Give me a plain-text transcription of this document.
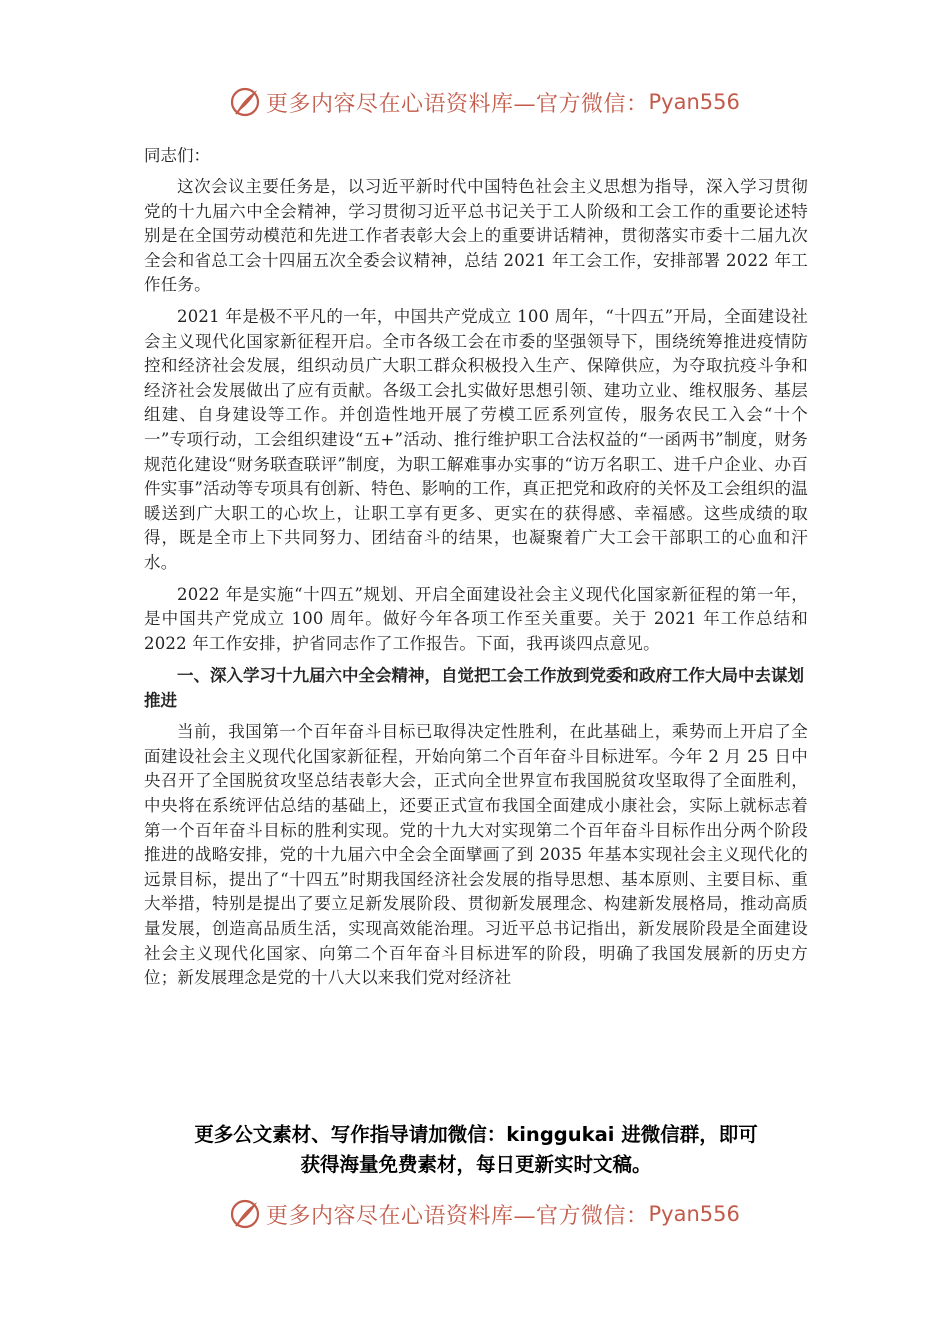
更多内容尽在心语资料库—官方微信： Pyan556

同志们：

这次会议主要任务是，以习近平新时代中国特色社会主义思想为指导，深入学习贯彻党的十九届六中全会精神，学习贯彻习近平总书记关于工人阶级和工会工作的重要论述特别是在全国劳动模范和先进工作者表彰大会上的重要讲话精神，贯彻落实市委十二届九次全会和省总工会十四届五次全委会议精神，总结 2021 年工会工作，安排部署 2022 年工作任务。

2021 年是极不平凡的一年，中国共产党成立 100 周年，“十四五”开局，全面建设社会主义现代化国家新征程开启。全市各级工会在市委的坚强领导下，围绕统筹推进疫情防控和经济社会发展，组织动员广大职工群众积极投入生产、保障供应，为夺取抗疫斗争和经济社会发展做出了应有贡献。各级工会扎实做好思想引领、建功立业、维权服务、基层组建、自身建设等工作。并创造性地开展了劳模工匠系列宣传，服务农民工入会“十个一”专项行动，工会组织建设“五+”活动、推行维护职工合法权益的“一函两书”制度，财务规范化建设“财务联查联评”制度，为职工解难事办实事的“访万名职工、进千户企业、办百件实事”活动等专项具有创新、特色、影响的工作，真正把党和政府的关怀及工会组织的温暖送到广大职工的心坎上，让职工享有更多、更实在的获得感、幸福感。这些成绩的取得，既是全市上下共同努力、团结奋斗的结果，也凝聚着广大工会干部职工的心血和汗水。

2022 年是实施“十四五”规划、开启全面建设社会主义现代化国家新征程的第一年，是中国共产党成立 100 周年。做好今年各项工作至关重要。关于 2021 年工作总结和 2022 年工作安排，护省同志作了工作报告。下面，我再谈四点意见。

一、深入学习十九届六中全会精神，自觉把工会工作放到党委和政府工作大局中去谋划推进

当前，我国第一个百年奋斗目标已取得决定性胜利，在此基础上，乘势而上开启了全面建设社会主义现代化国家新征程，开始向第二个百年奋斗目标进军。今年 2 月 25 日中央召开了全国脱贫攻坚总结表彰大会，正式向全世界宣布我国脱贫攻坚取得了全面胜利，中央将在系统评估总结的基础上，还要正式宣布我国全面建成小康社会，实际上就标志着第一个百年奋斗目标的胜利实现。党的十九大对实现第二个百年奋斗目标作出分两个阶段推进的战略安排，党的十九届六中全会全面擘画了到 2035 年基本实现社会主义现代化的远景目标，提出了“十四五”时期我国经济社会发展的指导思想、基本原则、主要目标、重大举措，特别是提出了要立足新发展阶段、贯彻新发展理念、构建新发展格局，推动高质量发展，创造高品质生活，实现高效能治理。习近平总书记指出，新发展阶段是全面建设社会主义现代化国家、向第二个百年奋斗目标进军的阶段，明确了我国发展新的历史方位；新发展理念是党的十八大以来我们党对经济社

更多公文素材、写作指导请加微信：kinggukai 进微信群，即可
获得海量免费素材，每日更新实时文稿。
更多内容尽在心语资料库—官方微信： Pyan556
